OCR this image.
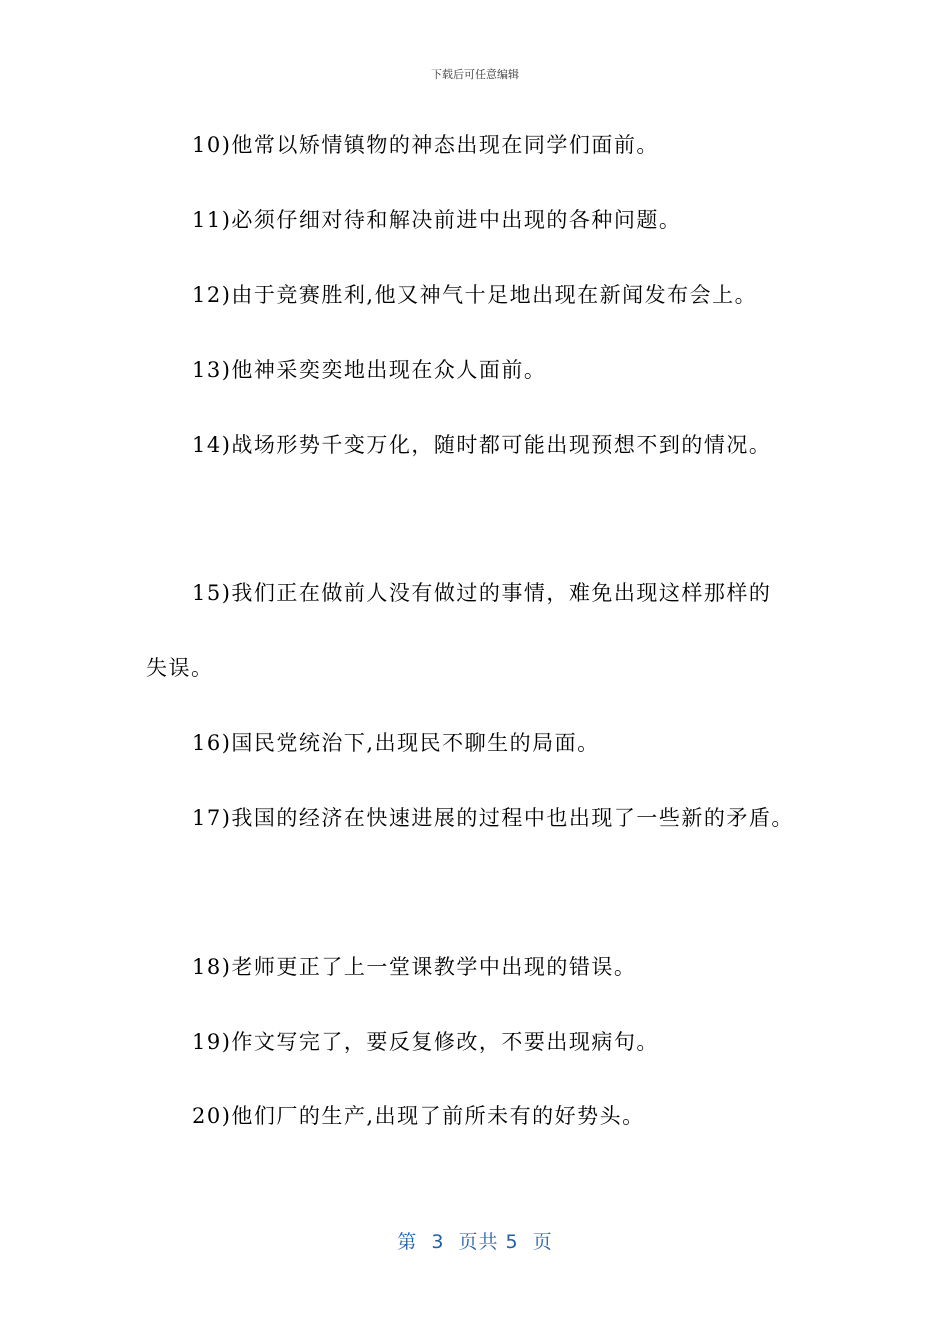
下载后可任意编辑
10)他常以矫情镇物的神态出现在同学们面前。
11)必须仔细对待和解决前进中出现的各种问题。
12)由于竞赛胜利,他又神气十足地出现在新闻发布会上。
13)他神采奕奕地出现在众人面前。
14)战场形势千变万化，随时都可能出现预想不到的情况。
15)我们正在做前人没有做过的事情，难免出现这样那样的
失误。
16)国民党统治下,出现民不聊生的局面。
17)我国的经济在快速进展的过程中也出现了一些新的矛盾。
18)老师更正了上一堂课教学中出现的错误。
19)作文写完了，要反复修改，不要出现病句。
20)他们厂的生产,出现了前所未有的好势头。
第  3  页共 5  页
